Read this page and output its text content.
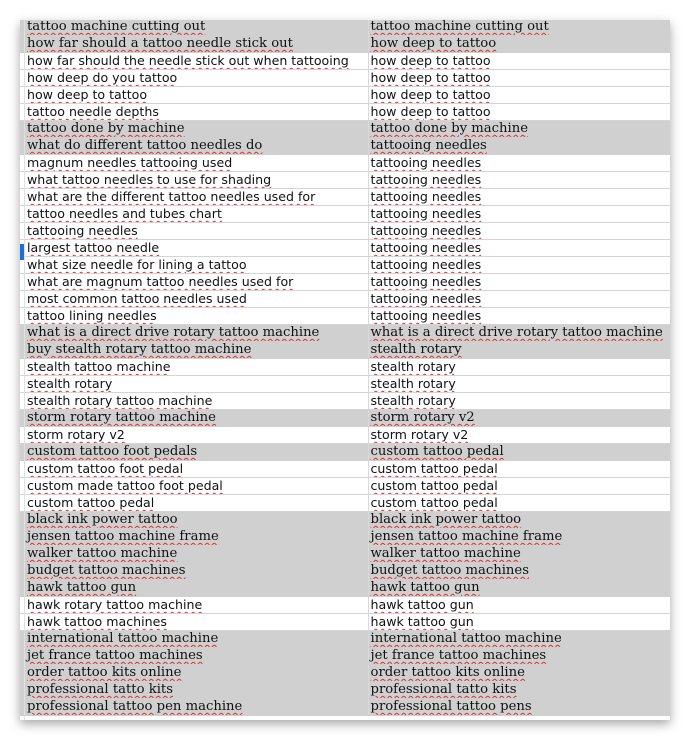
tattoo machine cutting out	tattoo machine cutting out
how far should a tattoo needle stick out	how deep to tattoo
how far should the needle stick out when tattooing	how deep to tattoo
how deep do you tattoo	how deep to tattoo
how deep to tattoo	how deep to tattoo
tattoo needle depths	how deep to tattoo
tattoo done by machine	tattoo done by machine
what do different tattoo needles do	tattooing needles
magnum needles tattooing used	tattooing needles
what tattoo needles to use for shading	tattooing needles
what are the different tattoo needles used for	tattooing needles
tattoo needles and tubes chart	tattooing needles
tattooing needles	tattooing needles
largest tattoo needle	tattooing needles
what size needle for lining a tattoo	tattooing needles
what are magnum tattoo needles used for	tattooing needles
most common tattoo needles used	tattooing needles
tattoo lining needles	tattooing needles
what is a direct drive rotary tattoo machine	what is a direct drive rotary tattoo machine
buy stealth rotary tattoo machine	stealth rotary
stealth tattoo machine	stealth rotary
stealth rotary	stealth rotary
stealth rotary tattoo machine	stealth rotary
storm rotary tattoo machine	storm rotary v2
storm rotary v2	storm rotary v2
custom tattoo foot pedals	custom tattoo pedal
custom tattoo foot pedal	custom tattoo pedal
custom made tattoo foot pedal	custom tattoo pedal
custom tattoo pedal	custom tattoo pedal
black ink power tattoo	black ink power tattoo
jensen tattoo machine frame	jensen tattoo machine frame
walker tattoo machine	walker tattoo machine
budget tattoo machines	budget tattoo machines
hawk tattoo gun	hawk tattoo gun
hawk rotary tattoo machine	hawk tattoo gun
hawk tattoo machines	hawk tattoo gun
international tattoo machine	international tattoo machine
jet france tattoo machines	jet france tattoo machines
order tattoo kits online	order tattoo kits online
professional tatto kits	professional tatto kits
professional tattoo pen machine	professional tattoo pens
